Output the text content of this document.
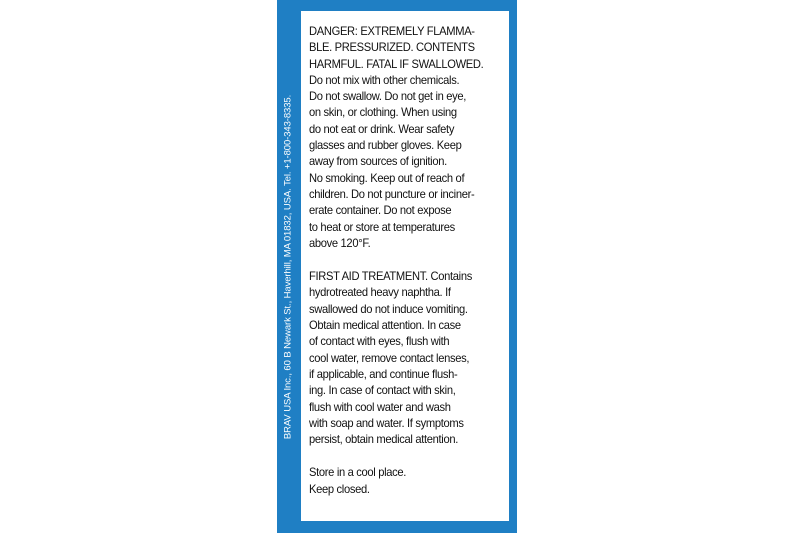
BRAV USA Inc., 60 B Newark St., Haverhill, MA 01832, USA. Tel. +1-800-343-8335.

DANGER: EXTREMELY FLAMMA-
BLE. PRESSURIZED. CONTENTS
HARMFUL. FATAL IF SWALLOWED.
Do not mix with other chemicals.
Do not swallow. Do not get in eye,
on skin, or clothing. When using
do not eat or drink. Wear safety
glasses and rubber gloves. Keep
away from sources of ignition.
No smoking. Keep out of reach of
children. Do not puncture or inciner-
erate container. Do not expose
to heat or store at temperatures
above 120°F.

FIRST AID TREATMENT. Contains
hydrotreated heavy naphtha. If
swallowed do not induce vomiting.
Obtain medical attention. In case
of contact with eyes, flush with
cool water, remove contact lenses,
if applicable, and continue flush-
ing. In case of contact with skin,
flush with cool water and wash
with soap and water. If symptoms
persist, obtain medical attention.

Store in a cool place.
Keep closed.
